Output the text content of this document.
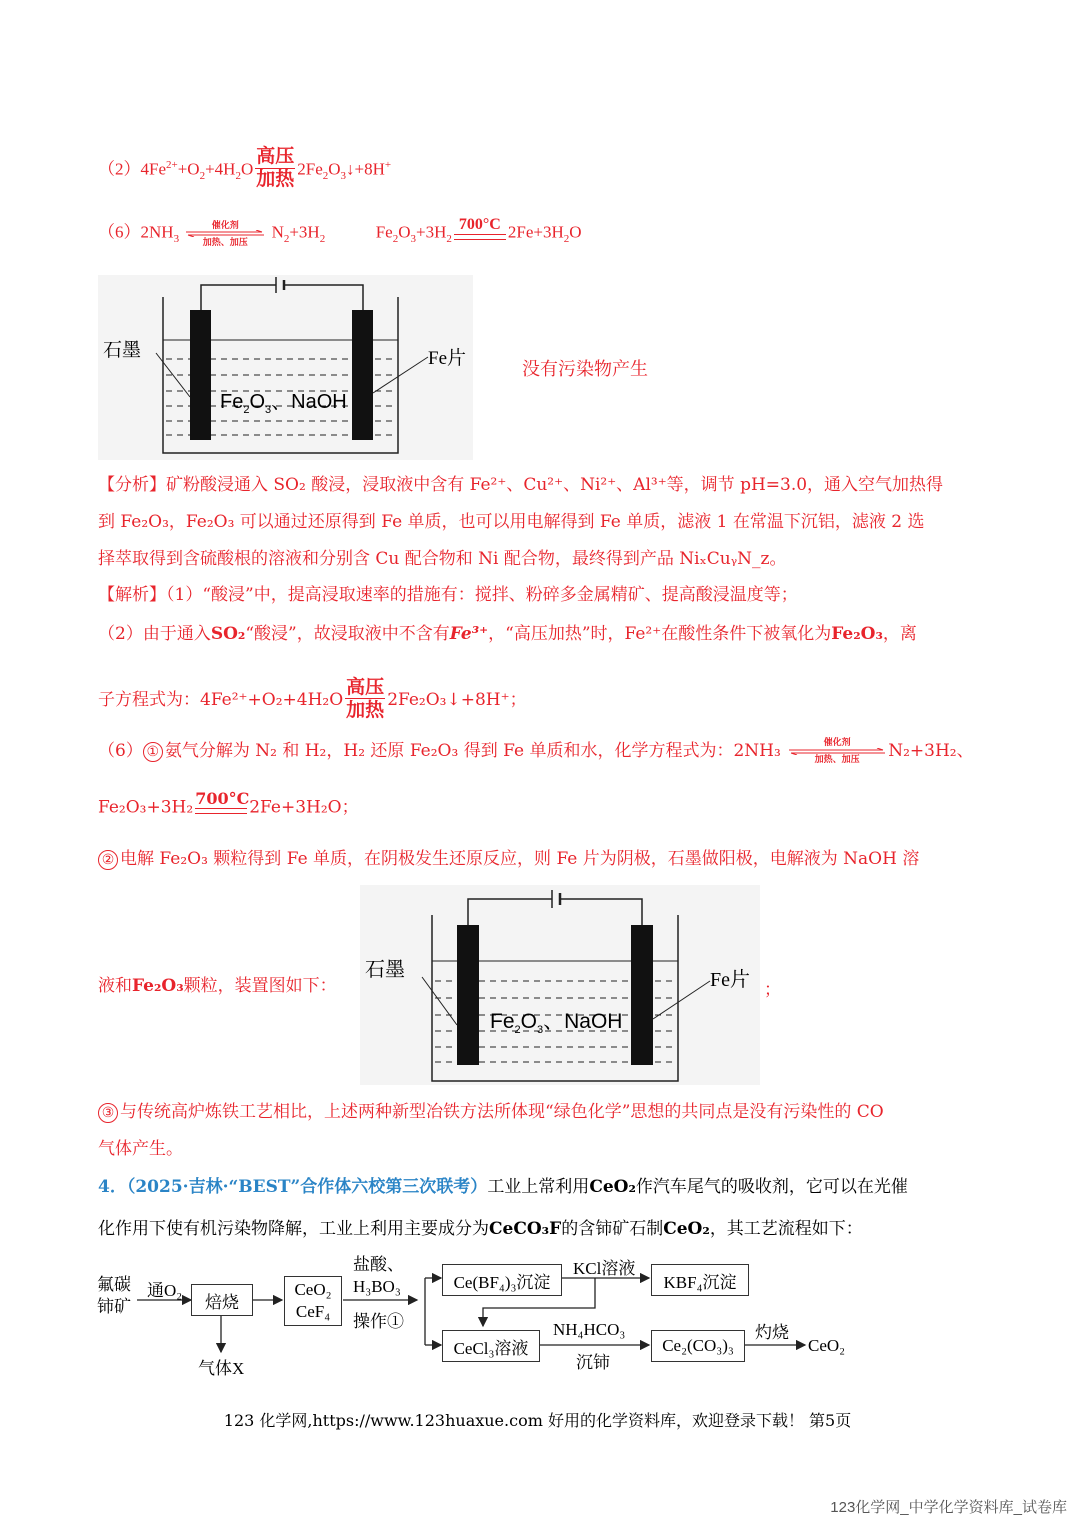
$(2)4Fe^{2+}+O_2+4H_2O \frac{\text{高压}}{\text{加热}}$ $2Fe_2O_3↓+8H^+$
$(6)2NH_3$
催化剂
加热、加压
$N_2+3H_2$	$Fe_2O_3+3H_2$
700°C $2Fe+3H_2O$
石墨	Fe片
$Fe_2O_3$、NaOH
没有污染物产生
【分析】矿粉酸浸通入 SO₂ 酸浸，浸取液中含有 Fe²⁺、Cu²⁺、Ni²⁺、Al³⁺等，调节 pH=3.0，通入空气加热得
到 Fe₂O₃，Fe₂O₃ 可以通过还原得到 Fe 单质，也可以用电解得到 Fe 单质，滤液 1 在常温下沉铝，滤液 2 选
择萃取得到含硫酸根的溶液和分别含 Cu 配合物和 Ni 配合物，最终得到产品 NiₓCuᵧN_z。
【解析】（1）“酸浸”中，提高浸取速率的措施有：搅拌、粉碎多金属精矿、提高酸浸温度等；
（2）由于通入SO₂“酸浸”，故浸取液中不含有Fe³⁺，“高压加热”时，Fe²⁺在酸性条件下被氧化为Fe₂O₃，离
子方程式为：$4Fe^{2+}+O_2+4H_2O \frac{\text{高压}}{\text{加热}}$ 2Fe₂O₃↓+8H⁺；
（6） ① 氨气分解为 N₂ 和 H₂，H₂ 还原 Fe₂O₃ 得到 Fe 单质和水，化学方程式为：2NH₃	催化剂
加热、加压	N₂+3H₂、
Fe₂O₃+3H₂ 700°C 2Fe+3H₂O；
② 电解 Fe₂O₃ 颗粒得到 Fe 单质，在阴极发生还原反应，则 Fe 片为阴极，石墨做阳极，电解液为 NaOH 溶
液和Fe₂O₃颗粒，装置图如下：	；
石墨	Fe片
$Fe_2O_3$、NaOH
③ 与传统高炉炼铁工艺相比，上述两种新型冶铁方法所体现“绿色化学”思想的共同点是没有污染性的 CO
气体产生。
4．（2025·吉林·“BEST”合作体六校第三次联考）工业上常利用CeO₂作汽车尾气的吸收剂，它可以在光催
化作用下使有机污染物降解，工业上利用主要成分为CeCO₃F的含铈矿石制CeO₂，其工艺流程如下：
氟碳
铈矿
通O₂
焙烧
气体X
CeO₂
CeF₄
盐酸、
H₃BO₃
操作①
Ce(BF₄)₃沉淀
KCl溶液
KBF₄沉淀
CeCl₃溶液
NH₄HCO₃
沉铈
Ce₂(CO₃)₃
灼烧
CeO₂
123 化学网,https://www.123huaxue.com 好用的化学资料库，欢迎登录下载！ 第5页
123化学网_中学化学资料库_试卷库
